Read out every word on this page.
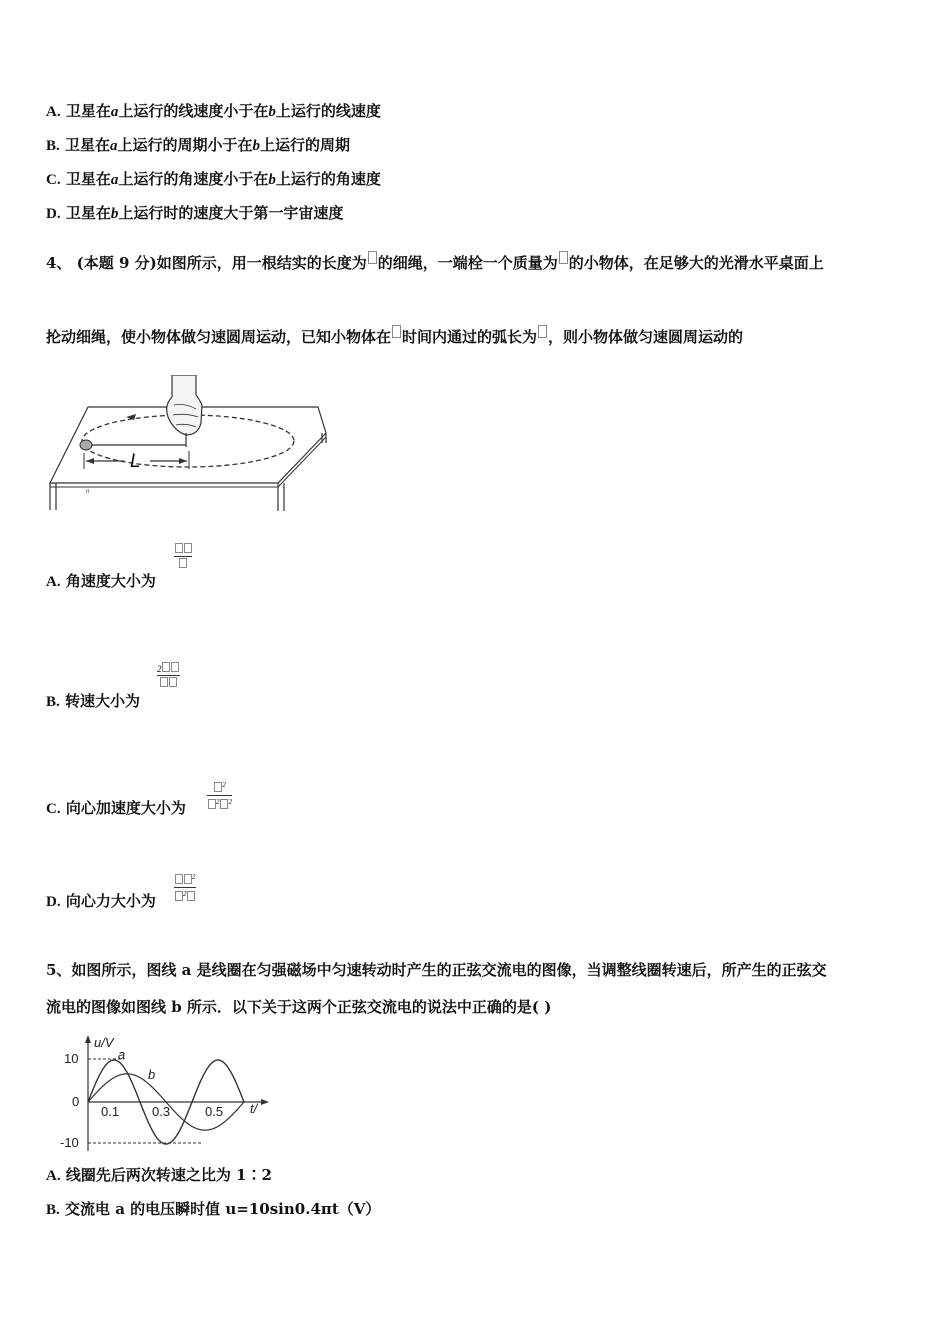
A. 卫星在a上运行的线速度小于在b上运行的线速度
B. 卫星在a上运行的周期小于在b上运行的周期
C. 卫星在a上运行的角速度小于在b上运行的角速度
D. 卫星在b上运行时的速度大于第一宇宙速度
4、 (本题 9 分)如图所示，用一根结实的长度为 的细绳，一端栓一个质量为 的小物体，在足够大的光滑水平桌面上
抡动细绳，使小物体做匀速圆周运动，已知小物体在 时间内通过的弧长为 ，则小物体做匀速圆周运动的
ιι
L
A. 角速度大小为
B. 转速大小为
2
C. 向心加速度大小为
$^2$
$^2$ $^2$
D. 向心力大小为
$^2$
$^2$
5、如图所示，图线 a 是线圈在匀强磁场中匀速转动时产生的正弦交流电的图像，当调整线圈转速后，所产生的正弦交
流电的图像如图线 b 所示．以下关于这两个正弦交流电的说法中正确的是( )
u/V
t/
10
0
-10
0.1	0.3	0.5
a
b
A. 线圈先后两次转速之比为 1∶2
B. 交流电 a 的电压瞬时值 u=10sin0.4πt（V）
